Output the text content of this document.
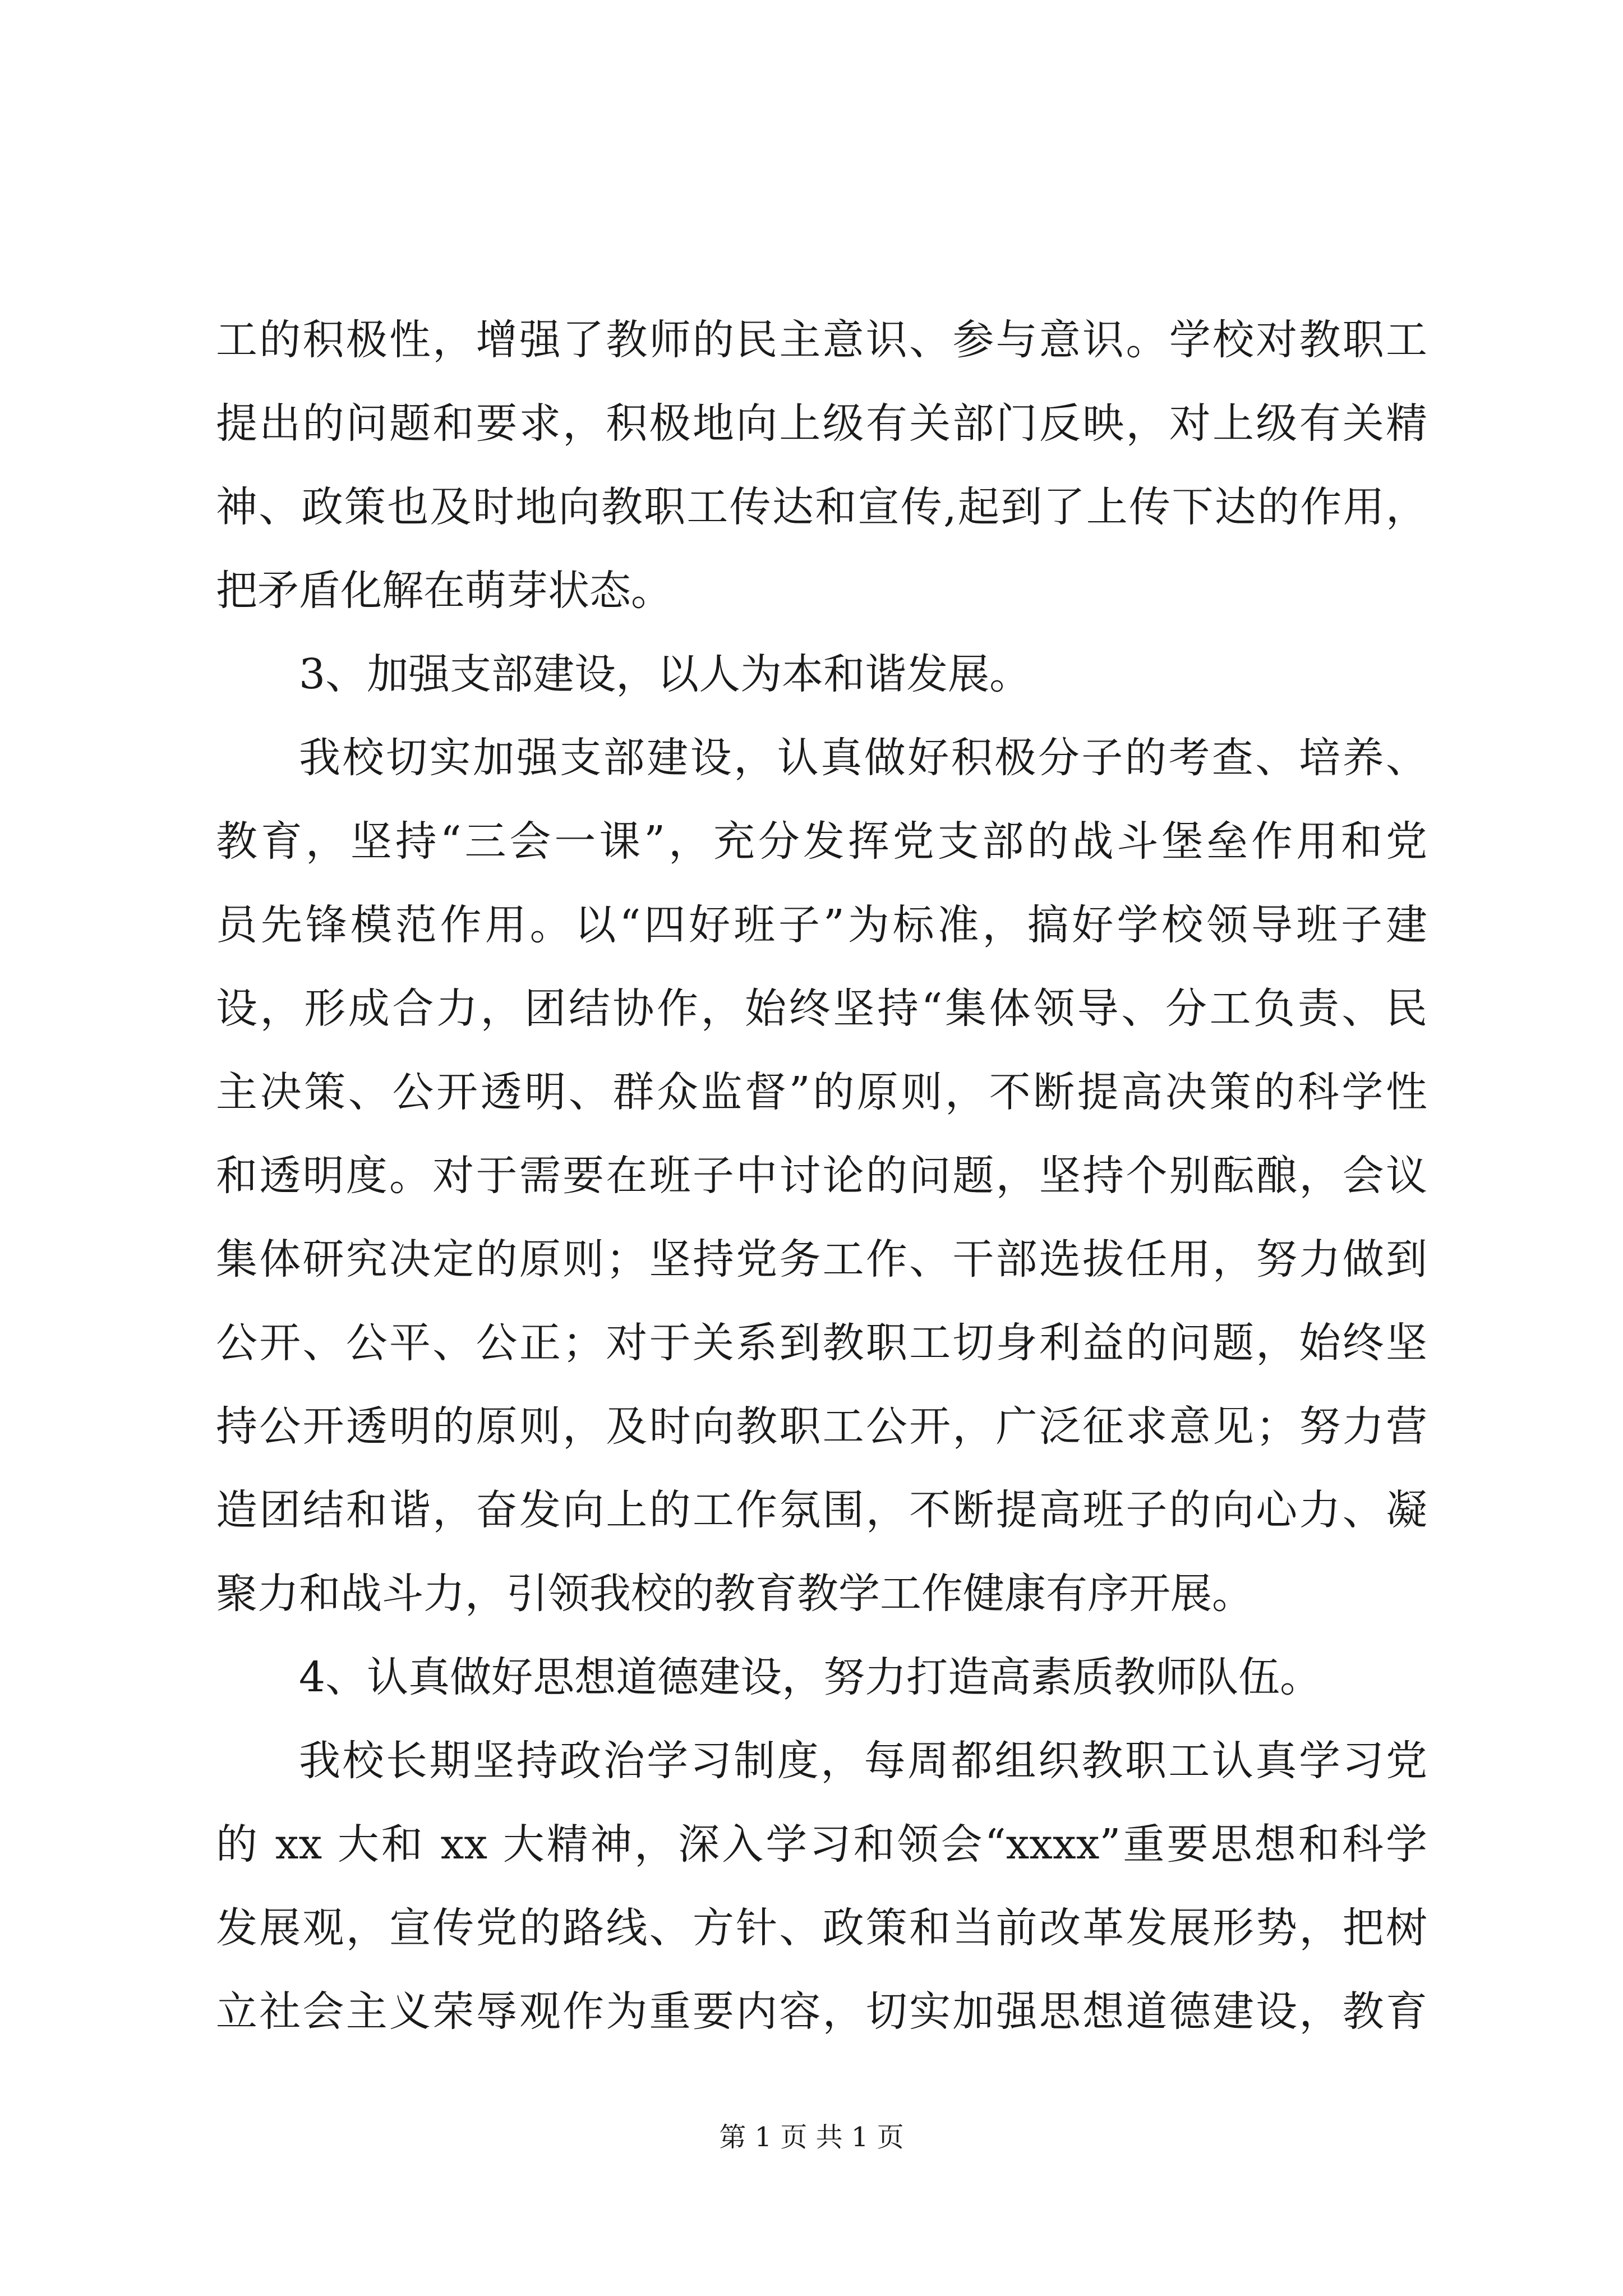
工的积极性，增强了教师的民主意识、参与意识。学校对教职工
提出的问题和要求，积极地向上级有关部门反映，对上级有关精
神、政策也及时地向教职工传达和宣传,起到了上传下达的作用，
把矛盾化解在萌芽状态。
3、加强支部建设，以人为本和谐发展。
我校切实加强支部建设，认真做好积极分子的考查、培养、
教育，坚持“三会一课”，充分发挥党支部的战斗堡垒作用和党
员先锋模范作用。以“四好班子”为标准，搞好学校领导班子建
设，形成合力，团结协作，始终坚持“集体领导、分工负责、民
主决策、公开透明、群众监督”的原则，不断提高决策的科学性
和透明度。对于需要在班子中讨论的问题，坚持个别酝酿，会议
集体研究决定的原则；坚持党务工作、干部选拔任用，努力做到
公开、公平、公正；对于关系到教职工切身利益的问题，始终坚
持公开透明的原则，及时向教职工公开，广泛征求意见；努力营
造团结和谐，奋发向上的工作氛围，不断提高班子的向心力、凝
聚力和战斗力，引领我校的教育教学工作健康有序开展。
4、认真做好思想道德建设，努力打造高素质教师队伍。
我校长期坚持政治学习制度，每周都组织教职工认真学习党
的 xx 大和 xx 大精神，深入学习和领会“xxxx”重要思想和科学
发展观，宣传党的路线、方针、政策和当前改革发展形势，把树
立社会主义荣辱观作为重要内容，切实加强思想道德建设，教育
第 1 页 共 1 页
